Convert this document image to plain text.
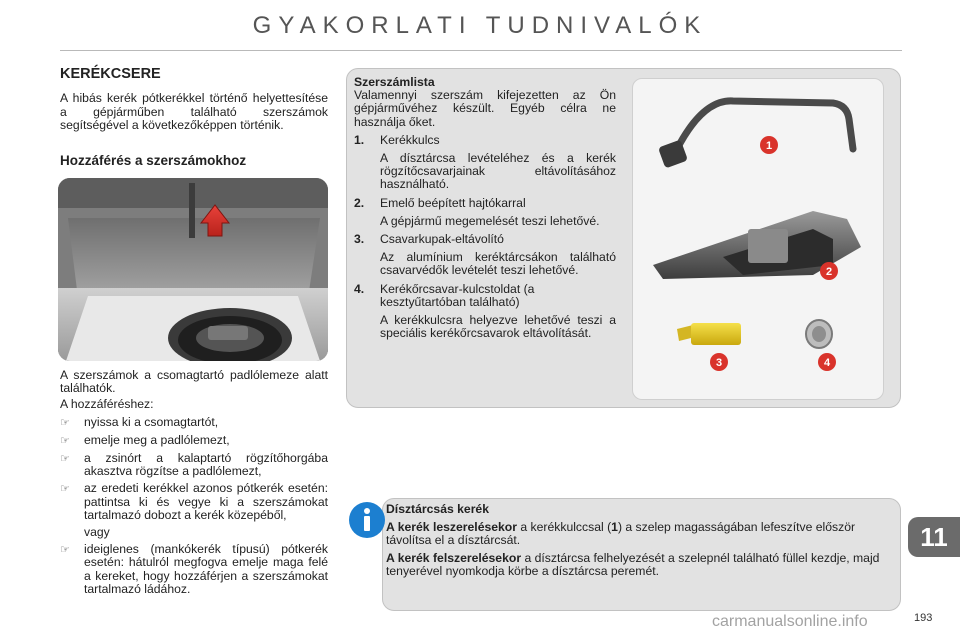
GYAKORLATI TUDNIVALÓK
KERÉKCSERE

A hibás kerék pótkerékkel történő helyettesítése a gépjárműben található szerszámok segítségével a következőképpen történik.

Hozzáférés a szerszámokhoz

A szerszámok a csomagtartó padlólemeze alatt találhatók.

A hozzáféréshez:

☞	nyissa ki a csomagtartót,
☞	emelje meg a padlólemezt,
☞	a zsinórt a kalaptartó rögzítőhorgába akasztva rögzítse a padlólemezt,
☞	az eredeti kerékkel azonos pótkerék esetén: pattintsa ki és vegye ki a szerszámokat tartalmazó dobozt a kerék közepéből,
vagy
☞	ideiglenes (mankókerék típusú) pótkerék esetén: hátulról megfogva emelje maga felé a kereket, hogy hozzáférjen a szerszámokat tartalmazó ládához.
Szerszámlista

Valamennyi szerszám kifejezetten az Ön gépjárművéhez készült. Egyéb célra ne használja őket.

1.	Kerékkulcs

A dísztárcsa levételéhez és a kerék rögzítőcsavarjainak eltávolításához használható.

2.	Emelő beépített hajtókarral

A gépjármű megemelését teszi lehetővé.

3.	Csavarkupak-eltávolító

Az alumínium keréktárcsákon található csavarvédők levételét teszi lehetővé.

4.	Kerékőrcsavar-kulcstoldat (a kesztyűtartóban található)

A kerékkulcsra helyezve lehetővé teszi a speciális kerékőrcsavarok eltávolítását.

1
2
3	4

Dísztárcsás kerék

A kerék leszerelésekor a kerékkulccsal (1) a szelep magasságában lefeszítve először távolítsa el a dísztárcsát.

A kerék felszerelésekor a dísztárcsa felhelyezését a szelepnél található füllel kezdje, majd tenyerével nyomkodja körbe a dísztárcsa peremét.

11
193
carmanualsonline.info
